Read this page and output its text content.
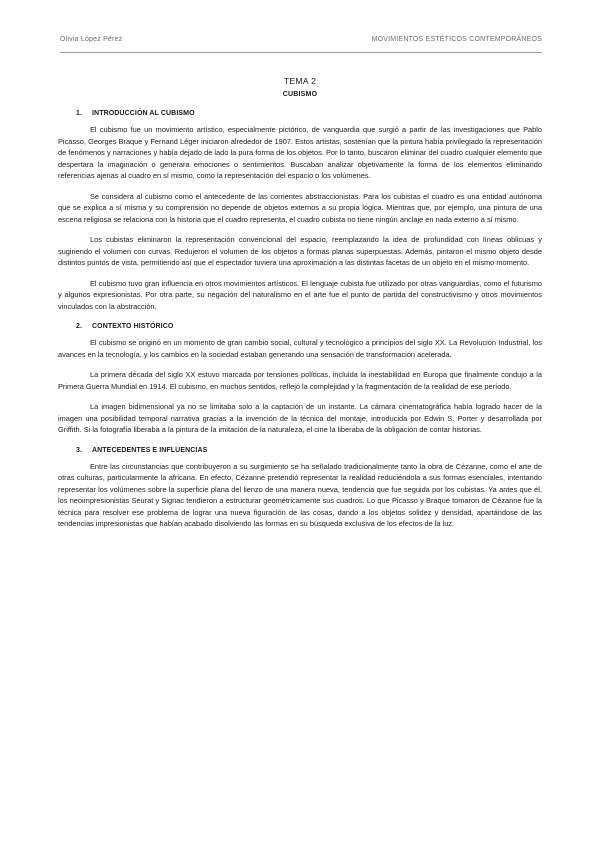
Olivia López Pérez	MOVIMIENTOS ESTÉTICOS CONTEMPORÁNEOS
TEMA 2
CUBISMO
1. INTRODUCCIÓN AL CUBISMO

El cubismo fue un movimiento artístico, especialmente pictórico, de vanguardia que surgió a partir de las investigaciones que Pablo Picasso, Georges Braque y Fernand Léger iniciaron alrededor de 1907. Estos artistas, sostenían que la pintura había privilegiado la representación de fenómenos y narraciones y había dejado de lado la pura forma de los objetos. Por lo tanto, buscaron eliminar del cuadro cualquier elemento que despertara la imaginación o generara emociones o sentimientos. Buscaban analizar objetivamente la forma de los elementos eliminando referencias ajenas al cuadro en sí mismo, como la representación del espacio o los volúmenes.

Se considera al cubismo como el antecedente de las corrientes abstraccionistas. Para los cubistas el cuadro es una entidad autónoma que se explica a sí misma y su comprensión no depende de objetos externos a su propia lógica. Mientras que, por ejemplo, una pintura de una escena religiosa se relaciona con la historia que el cuadro representa, el cuadro cubista no tiene ningún anclaje en nada externo a sí mismo.

Los cubistas eliminaron la representación convencional del espacio, reemplazando la idea de profundidad con líneas oblicuas y sugiriendo el volumen con curvas. Redujeron el volumen de los objetos a formas planas superpuestas. Además, pintaron el mismo objeto desde distintos puntos de vista, permitiendo así que el espectador tuviera una aproximación a las distintas facetas de un objeto en el mismo momento.

El cubismo tuvo gran influencia en otros movimientos artísticos. El lenguaje cubista fue utilizado por otras vanguardias, como el futurismo y algunos expresionistas. Por otra parte, su negación del naturalismo en el arte fue el punto de partida del constructivismo y otros movimientos vinculados con la abstracción.

2. CONTEXTO HISTÓRICO

El cubismo se originó en un momento de gran cambio social, cultural y tecnológico a principios del siglo XX. La Revolución Industrial, los avances en la tecnología, y los cambios en la sociedad estaban generando una sensación de transformación acelerada.

La primera década del siglo XX estuvo marcada por tensiones políticas, incluida la inestabilidad en Europa que finalmente condujo a la Primera Guerra Mundial en 1914. El cubismo, en muchos sentidos, reflejó la complejidad y la fragmentación de la realidad de ese período.

La imagen bidimensional ya no se limitaba solo a la captación de un instante. La cámara cinematográfica había logrado hacer de la imagen una posibilidad temporal narrativa gracias a la invención de la técnica del montaje, introducida por Edwin S. Porter y desarrollada por Griffith. Si la fotografía liberaba a la pintura de la imitación de la naturaleza, el cine la liberaba de la obligación de contar historias.

3. ANTECEDENTES E INFLUENCIAS

Entre las circunstancias que contribuyeron a su surgimiento se ha señalado tradicionalmente tanto la obra de Cézanne, como el arte de otras culturas, particularmente la africana. En efecto, Cézanne pretendió representar la realidad reduciéndola a sus formas esenciales, intentando representar los volúmenes sobre la superficie plana del lienzo de una manera nueva, tendencia que fue seguida por los cubistas. Ya antes que él, los neoimpresionistas Seurat y Signac tendieron a estructurar geométricamente sus cuadros. Lo que Picasso y Braque tomaron de Cézanne fue la técnica para resolver ese problema de lograr una nueva figuración de las cosas, dando a los objetos solidez y densidad, apartándose de las tendencias impresionistas que habían acabado disolviendo las formas en su búsqueda exclusiva de los efectos de la luz.
